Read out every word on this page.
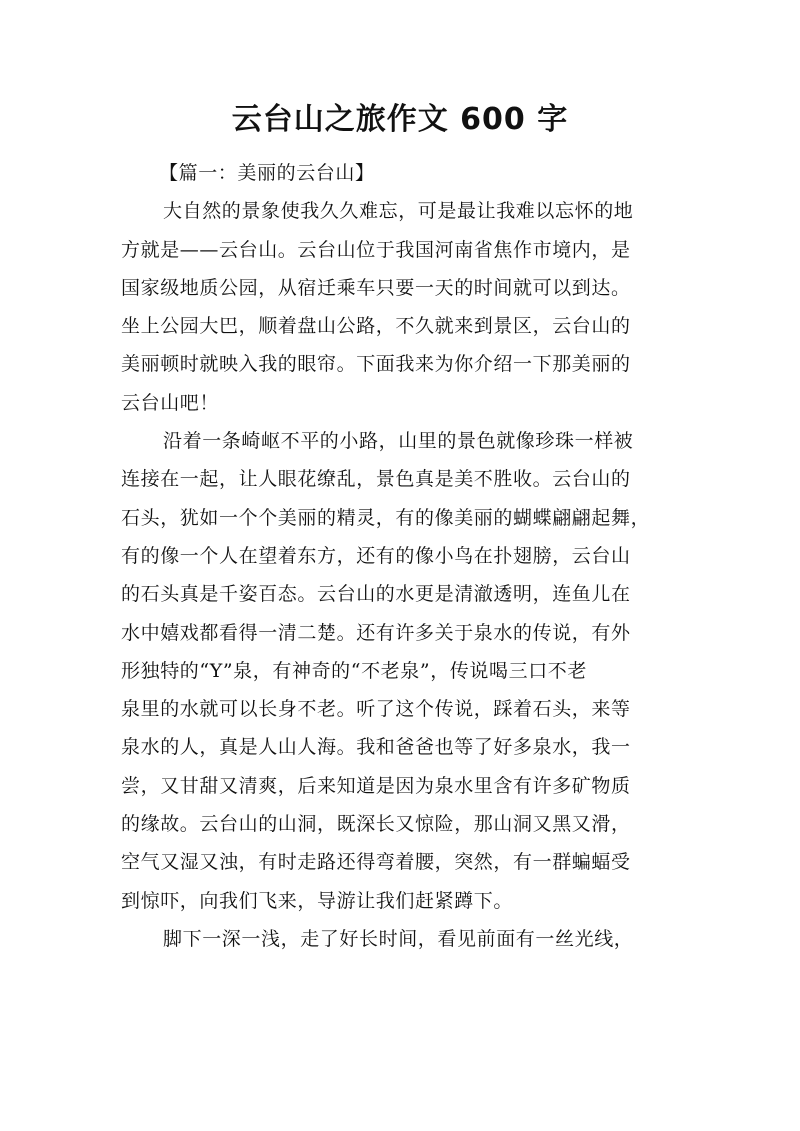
云台山之旅作文 600 字

【篇一：美丽的云台山】

大自然的景象使我久久难忘，可是最让我难以忘怀的地
方就是——云台山。云台山位于我国河南省焦作市境内，是
国家级地质公园，从宿迁乘车只要一天的时间就可以到达。
坐上公园大巴，顺着盘山公路，不久就来到景区，云台山的
美丽顿时就映入我的眼帘。下面我来为你介绍一下那美丽的
云台山吧！

沿着一条崎岖不平的小路，山里的景色就像珍珠一样被
连接在一起，让人眼花缭乱，景色真是美不胜收。云台山的
石头，犹如一个个美丽的精灵，有的像美丽的蝴蝶翩翩起舞，
有的像一个人在望着东方，还有的像小鸟在扑翅膀，云台山
的石头真是千姿百态。云台山的水更是清澈透明，连鱼儿在
水中嬉戏都看得一清二楚。还有许多关于泉水的传说，有外
形独特的“Y”泉，有神奇的“不老泉”，传说喝三口不老
泉里的水就可以长身不老。听了这个传说，踩着石头，来等
泉水的人，真是人山人海。我和爸爸也等了好多泉水，我一
尝，又甘甜又清爽，后来知道是因为泉水里含有许多矿物质
的缘故。云台山的山洞，既深长又惊险，那山洞又黑又滑，
空气又湿又浊，有时走路还得弯着腰，突然，有一群蝙蝠受
到惊吓，向我们飞来，导游让我们赶紧蹲下。

脚下一深一浅，走了好长时间，看见前面有一丝光线，
